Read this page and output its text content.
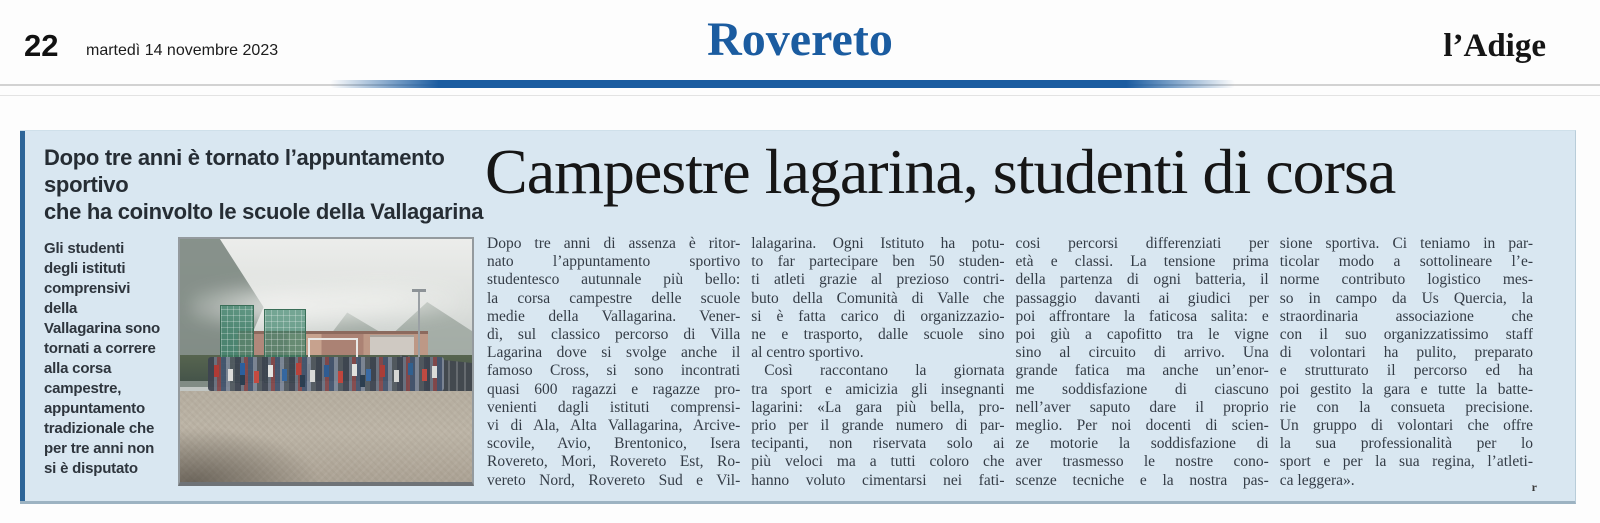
22 martedì 14 novembre 2023	Rovereto	l’Adige
Dopo tre anni è tornato l’appuntamento sportivo
che ha coinvolto le scuole della Vallagarina
Campestre lagarina, studenti di corsa
Gli studenti
degli istituti
comprensivi
della
Vallagarina sono
tornati a correre
alla corsa
campestre,
appuntamento
tradizionale che
per tre anni non
si è disputato
Dopo tre anni di assenza è ritor-
nato l’appuntamento sportivo
studentesco autunnale più bello:
la corsa campestre delle scuole
medie della Vallagarina. Vener-
dì, sul classico percorso di Villa
Lagarina dove si svolge anche il
famoso Cross, si sono incontrati
quasi 600 ragazzi e ragazze pro-
venienti dagli istituti comprensi-
vi di Ala, Alta Vallagarina, Arcive-
scovile, Avio, Brentonico, Isera
Rovereto, Mori, Rovereto Est, Ro-
vereto Nord, Rovereto Sud e Vil-
lalagarina. Ogni Istituto ha potu-
to far partecipare ben 50 studen-
ti atleti grazie al prezioso contri-
buto della Comunità di Valle che
si è fatta carico di organizzazio-
ne e trasporto, dalle scuole sino
al centro sportivo.
Così raccontano la giornata
tra sport e amicizia gli insegnanti
lagarini: «La gara più bella, pro-
prio per il grande numero di par-
tecipanti, non riservata solo ai
più veloci ma a tutti coloro che
hanno voluto cimentarsi nei fati-
cosi percorsi differenziati per
età e classi. La tensione prima
della partenza di ogni batteria, il
passaggio davanti ai giudici per
poi affrontare la faticosa salita: e
poi giù a capofitto tra le vigne
sino al circuito di arrivo. Una
grande fatica ma anche un’enor-
me soddisfazione di ciascuno
nell’aver saputo dare il proprio
meglio. Per noi docenti di scien-
ze motorie la soddisfazione di
aver trasmesso le nostre cono-
scenze tecniche e la nostra pas-
sione sportiva. Ci teniamo in par-
ticolar modo a sottolineare l’e-
norme contributo logistico mes-
so in campo da Us Quercia, la
straordinaria associazione che
con il suo organizzatissimo staff
di volontari ha pulito, preparato
e strutturato il percorso ed ha
poi gestito la gara e tutte la batte-
rie con la consueta precisione.
Un gruppo di volontari che offre
la sua professionalità per lo
sport e per la sua regina, l’atleti-
ca leggera».	r
